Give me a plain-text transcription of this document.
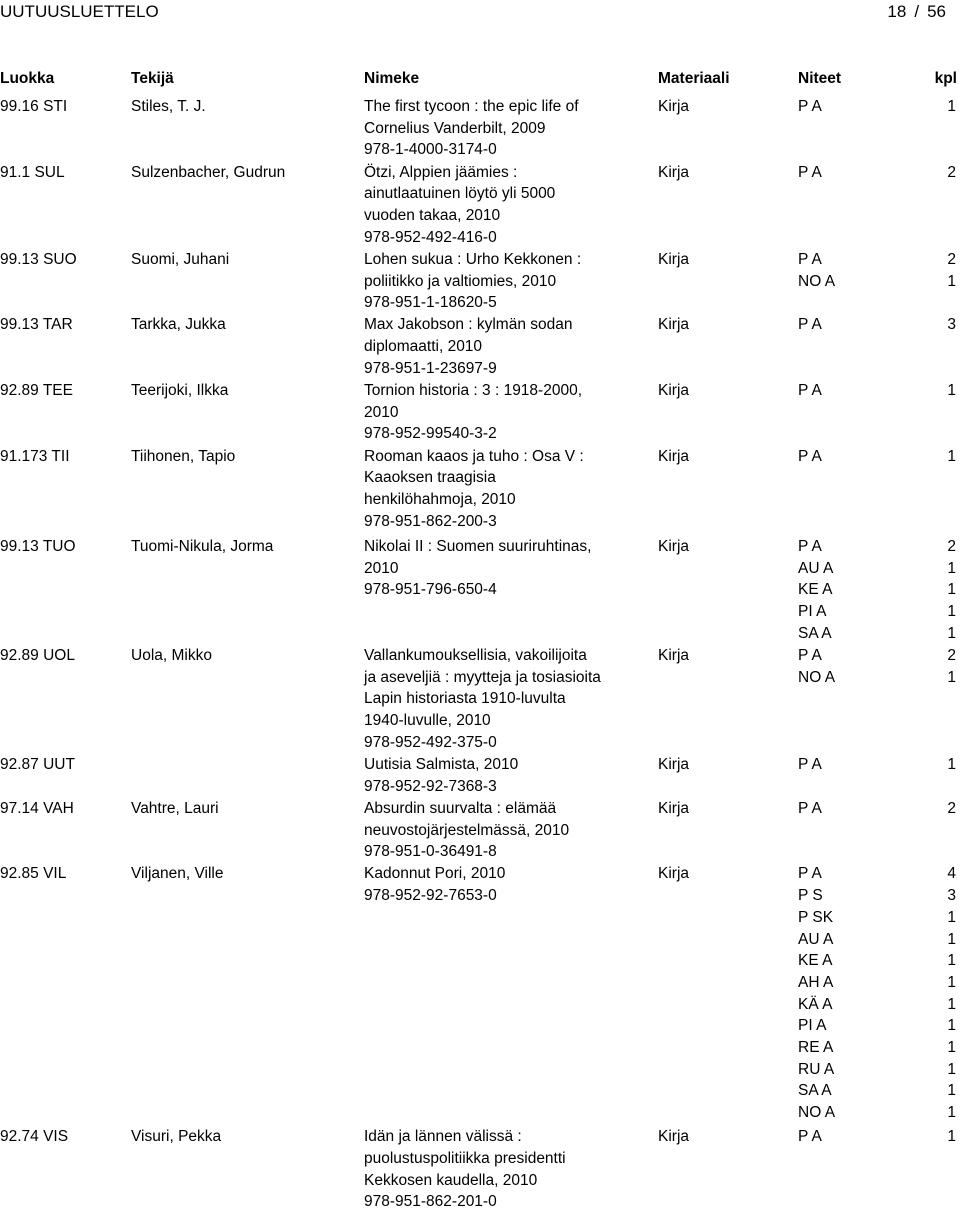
UUTUUSLUETTELO	18 / 56
Luokka	Tekijä	Nimeke	Materiaali	Niteet	kpl
99.16 STI	Stiles, T. J.	The first tycoon : the epic life of
Cornelius Vanderbilt, 2009
978-1-4000-3174-0
Kirja	P A	1
91.1 SUL	Sulzenbacher, Gudrun	Ötzi, Alppien jäämies :
ainutlaatuinen löytö yli 5000
vuoden takaa, 2010
978-952-492-416-0
Kirja	P A	2
99.13 SUO	Suomi, Juhani	Lohen sukua : Urho Kekkonen :
poliitikko ja valtiomies, 2010
978-951-1-18620-5
Kirja	P A	2
NO A	1
99.13 TAR	Tarkka, Jukka	Max Jakobson : kylmän sodan
diplomaatti, 2010
978-951-1-23697-9
Kirja	P A	3
92.89 TEE	Teerijoki, Ilkka	Tornion historia : 3 : 1918-2000,
2010
978-952-99540-3-2
Kirja	P A	1
91.173 TII	Tiihonen, Tapio	Rooman kaaos ja tuho : Osa V :
Kaaoksen traagisia
henkilöhahmoja, 2010
978-951-862-200-3
Kirja	P A	1
99.13 TUO	Tuomi-Nikula, Jorma	Nikolai II : Suomen suuriruhtinas,
2010
978-951-796-650-4
Kirja	P A	2
AU A	1
KE A	1
PI A	1
SA A	1
92.89 UOL	Uola, Mikko	Vallankumouksellisia, vakoilijoita
ja aseveljiä : myytteja ja tosiasioita
Lapin historiasta 1910-luvulta
1940-luvulle, 2010
978-952-492-375-0
Kirja	P A	2
NO A	1
92.87 UUT	Uutisia Salmista, 2010
978-952-92-7368-3
Kirja	P A	1
97.14 VAH	Vahtre, Lauri	Absurdin suurvalta : elämää
neuvostojärjestelmässä, 2010
978-951-0-36491-8
Kirja	P A	2
92.85 VIL	Viljanen, Ville	Kadonnut Pori, 2010
978-952-92-7653-0
Kirja	P A	4
P S	3
P SK	1
AU A	1
KE A	1
AH A	1
KÄ A	1
PI A	1
RE A	1
RU A	1
SA A	1
NO A	1
92.74 VIS	Visuri, Pekka	Idän ja lännen välissä :
puolustuspolitiikka presidentti
Kekkosen kaudella, 2010
978-951-862-201-0
Kirja	P A	1
